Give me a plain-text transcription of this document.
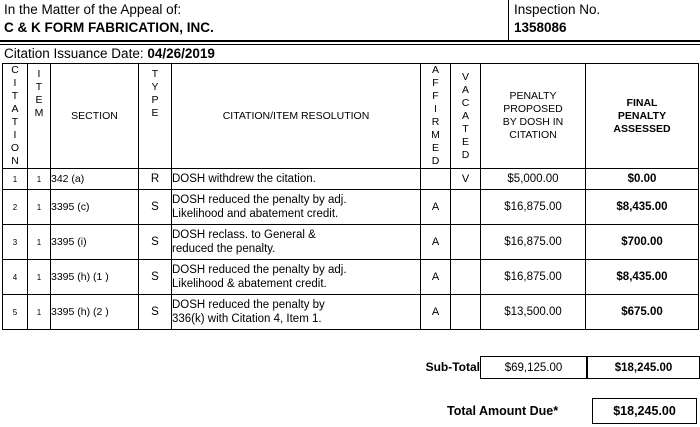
In the Matter of the Appeal of:
C & K FORM FABRICATION, INC.
Inspection No.
1358086
Citation Issuance Date: 04/26/2019
C
I
T
A
T
I
O
N

I
T
E
M	SECTION	
T
Y
P
E	CITATION/ITEM RESOLUTION	
A
F
F
I
R
M
E
D

V
A
C
A
T
E
D
	PENALTY
PROPOSED
BY DOSH IN
CITATION	FINAL
PENALTY
ASSESSED
1	1	342 (a)	R	DOSH withdrew the citation.		V	$5,000.00	$0.00
2	1	3395 (c)	S	DOSH reduced the penalty by adj.
Likelihood and abatement credit.	A		$16,875.00	$8,435.00
3	1	3395 (i)	S	DOSH reclass. to General &
reduced the penalty.	A		$16,875.00	$700.00
4	1	3395 (h) (1 )	S	DOSH reduced the penalty by adj.
Likelihood & abatement credit.	A		$16,875.00	$8,435.00
5	1	3395 (h) (2 )	S	DOSH reduced the penalty by
336(k) with Citation 4, Item 1.	A		$13,500.00	$675.00
Sub-Total	$69,125.00	$18,245.00
Total Amount Due*	$18,245.00
